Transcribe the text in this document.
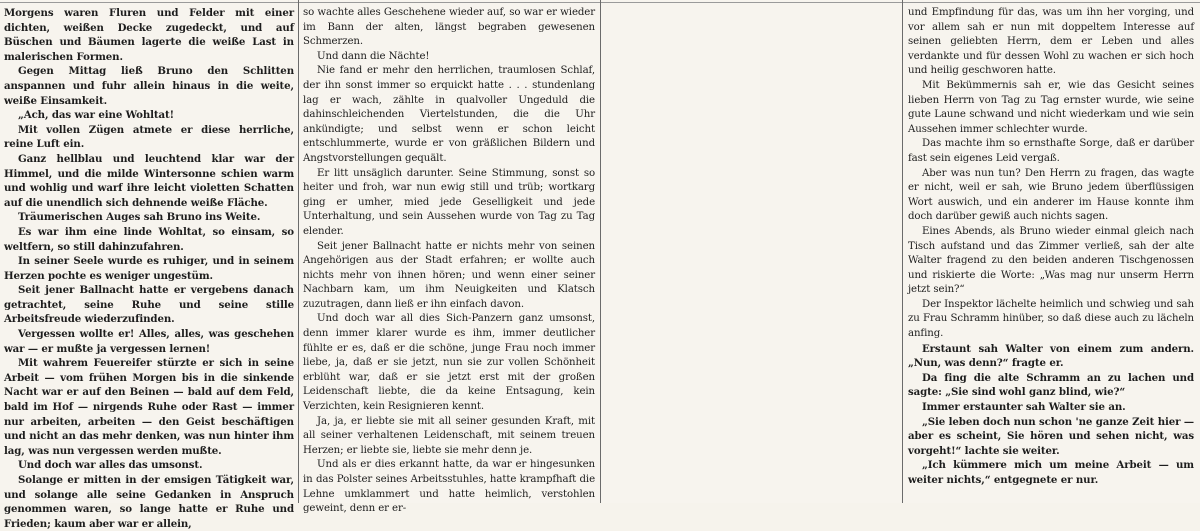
Morgens waren Fluren und Felder mit einer dichten, weißen Decke zugedeckt, und auf Büschen und Bäumen lagerte die weiße Last in malerischen Formen.

Gegen Mittag ließ Bruno den Schlitten anspannen und fuhr allein hinaus in die weite, weiße Einsamkeit.

„Ach, das war eine Wohltat!

Mit vollen Zügen atmete er diese herrliche, reine Luft ein.

Ganz hellblau und leuchtend klar war der Himmel, und die milde Wintersonne schien warm und wohlig und warf ihre leicht violetten Schatten auf die unendlich sich dehnende weiße Fläche.

Träumerischen Auges sah Bruno ins Weite.

Es war ihm eine linde Wohltat, so einsam, so weltfern, so still dahinzufahren.

In seiner Seele wurde es ruhiger, und in seinem Herzen pochte es weniger ungestüm.

Seit jener Ballnacht hatte er vergebens danach getrachtet, seine Ruhe und seine stille Arbeitsfreude wiederzufinden.

Vergessen wollte er! Alles, alles, was geschehen war — er mußte ja vergessen lernen!

Mit wahrem Feuereifer stürzte er sich in seine Arbeit — vom frühen Morgen bis in die sinkende Nacht war er auf den Beinen — bald auf dem Feld, bald im Hof — nirgends Ruhe oder Rast — immer nur arbeiten, arbeiten — den Geist beschäftigen und nicht an das mehr denken, was nun hinter ihm lag, was nun vergessen werden mußte.

Und doch war alles das umsonst.

Solange er mitten in der emsigen Tätigkeit war, und solange alle seine Gedanken in Anspruch genommen waren, so lange hatte er Ruhe und Frieden; kaum aber war er allein,

so wachte alles Geschehene wieder auf, so war er wieder im Bann der alten, längst begraben gewesenen Schmerzen.

Und dann die Nächte!

Nie fand er mehr den herrlichen, traumlosen Schlaf, der ihn sonst immer so erquickt hatte . . . stundenlang lag er wach, zählte in qualvoller Ungeduld die dahinschleichenden Viertelstunden, die die Uhr ankündigte; und selbst wenn er schon leicht entschlummerte, wurde er von gräßlichen Bildern und Angstvorstellungen gequält.

Er litt unsäglich darunter. Seine Stimmung, sonst so heiter und froh, war nun ewig still und trüb; wortkarg ging er umher, mied jede Geselligkeit und jede Unterhaltung, und sein Aussehen wurde von Tag zu Tag elender.

Seit jener Ballnacht hatte er nichts mehr von seinen Angehörigen aus der Stadt erfahren; er wollte auch nichts mehr von ihnen hören; und wenn einer seiner Nachbarn kam, um ihm Neuigkeiten und Klatsch zuzutragen, dann ließ er ihn einfach davon.

Und doch war all dies Sich-Panzern ganz umsonst, denn immer klarer wurde es ihm, immer deutlicher fühlte er es, daß er die schöne, junge Frau noch immer liebe, ja, daß er sie jetzt, nun sie zur vollen Schönheit erblüht war, daß er sie jetzt erst mit der großen Leidenschaft liebte, die da keine Entsagung, kein Verzichten, kein Resignieren kennt.

Ja, ja, er liebte sie mit all seiner gesunden Kraft, mit all seiner verhaltenen Leidenschaft, mit seinem treuen Herzen; er liebte sie, liebte sie mehr denn je.

Und als er dies erkannt hatte, da war er hingesunken in das Polster seines Arbeitsstuhles, hatte krampfhaft die Lehne umklammert und hatte heimlich, verstohlen geweint, denn er er-

und Empfindung für das, was um ihn her vorging, und vor allem sah er nun mit doppeltem Interesse auf seinen geliebten Herrn, dem er Leben und alles verdankte und für dessen Wohl zu wachen er sich hoch und heilig geschworen hatte.

Mit Bekümmernis sah er, wie das Gesicht seines lieben Herrn von Tag zu Tag ernster wurde, wie seine gute Laune schwand und nicht wiederkam und wie sein Aussehen immer schlechter wurde.

Das machte ihm so ernsthafte Sorge, daß er darüber fast sein eigenes Leid vergaß.

Aber was nun tun? Den Herrn zu fragen, das wagte er nicht, weil er sah, wie Bruno jedem überflüssigen Wort auswich, und ein anderer im Hause konnte ihm doch darüber gewiß auch nichts sagen.

Eines Abends, als Bruno wieder einmal gleich nach Tisch aufstand und das Zimmer verließ, sah der alte Walter fragend zu den beiden anderen Tischgenossen und riskierte die Worte: „Was mag nur unserm Herrn jetzt sein?“

Der Inspektor lächelte heimlich und schwieg und sah zu Frau Schramm hinüber, so daß diese auch zu lächeln anfing.

Erstaunt sah Walter von einem zum andern. „Nun, was denn?“ fragte er.

Da fing die alte Schramm an zu lachen und sagte: „Sie sind wohl ganz blind, wie?“

Immer erstaunter sah Walter sie an.

„Sie leben doch nun schon 'ne ganze Zeit hier — aber es scheint, Sie hören und sehen nicht, was vorgeht!“ lachte sie weiter.

„Ich kümmere mich um meine Arbeit — um weiter nichts,“ entgegnete er nur.
